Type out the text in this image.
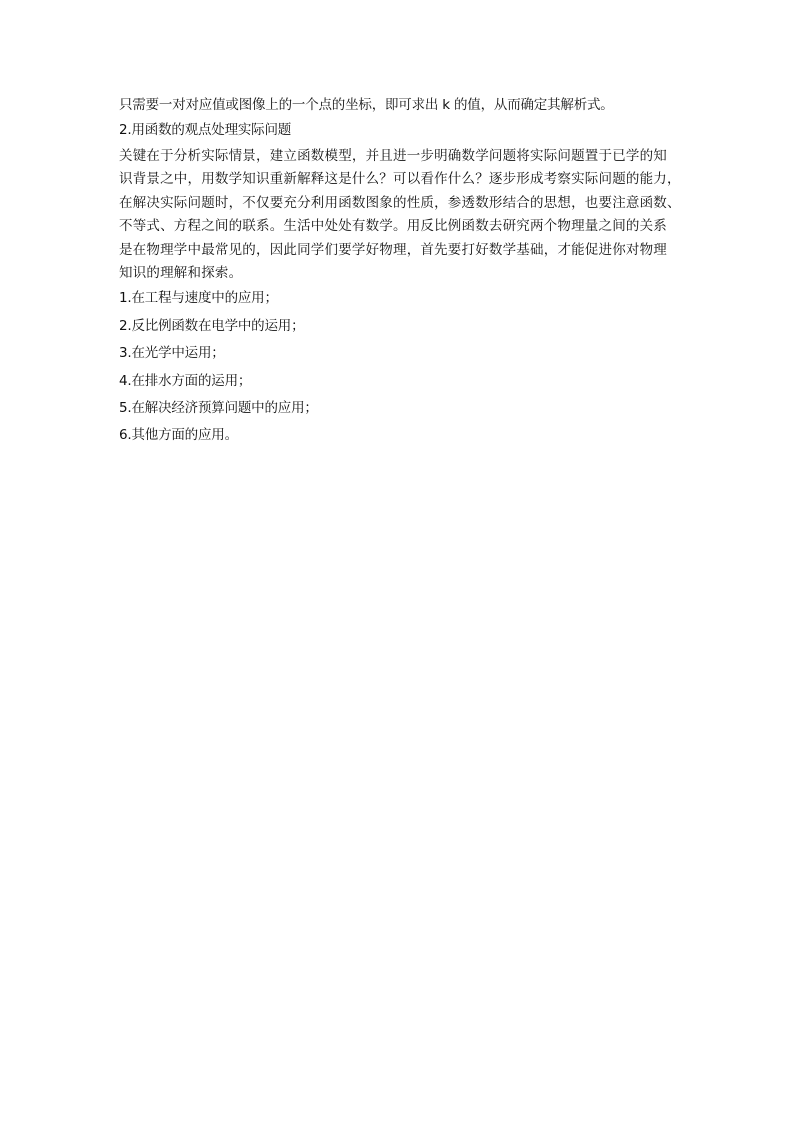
只需要一对对应值或图像上的一个点的坐标，即可求出 k 的值，从而确定其解析式。
2.用函数的观点处理实际问题
关键在于分析实际情景，建立函数模型，并且进一步明确数学问题将实际问题置于已学的知
识背景之中，用数学知识重新解释这是什么？可以看作什么？逐步形成考察实际问题的能力，
在解决实际问题时，不仅要充分利用函数图象的性质，参透数形结合的思想，也要注意函数、
不等式、方程之间的联系。生活中处处有数学。用反比例函数去研究两个物理量之间的关系
是在物理学中最常见的，因此同学们要学好物理，首先要打好数学基础，才能促进你对物理
知识的理解和探索。
1.在工程与速度中的应用；
2.反比例函数在电学中的运用；
3.在光学中运用；
4.在排水方面的运用；
5.在解决经济预算问题中的应用；
6.其他方面的应用。
